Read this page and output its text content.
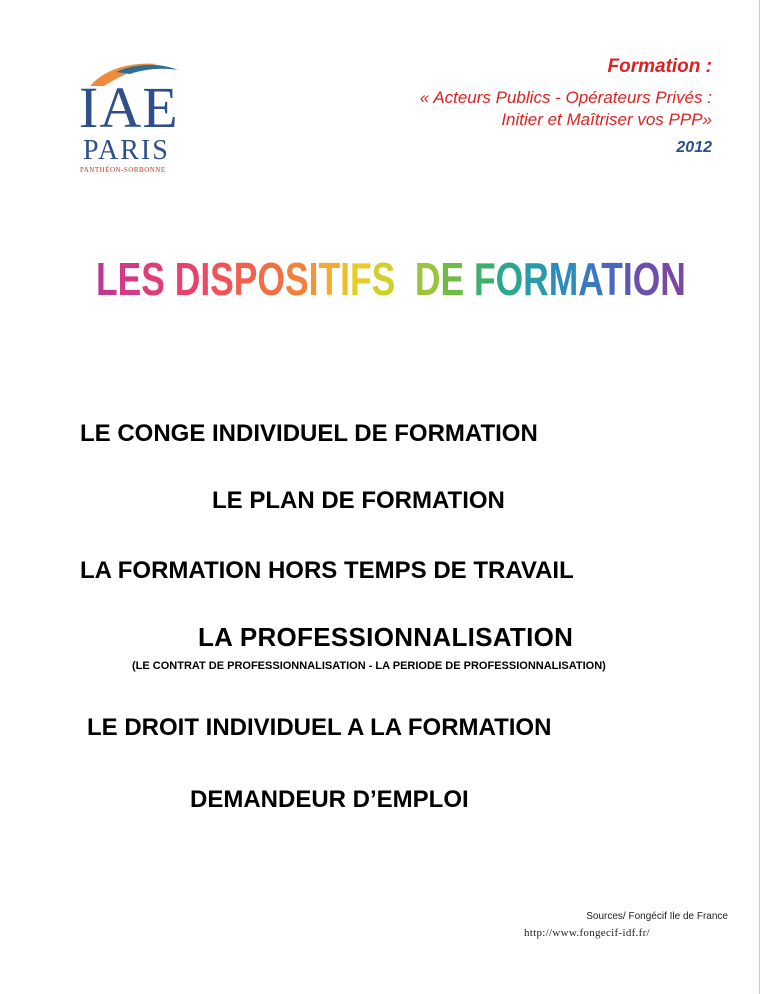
IAE
PARIS
PANTHÉON-SORBONNE
Formation :
« Acteurs Publics - Opérateurs Privés :
Initier et Maîtriser vos PPP»
2012
LES DISPOSITIFS DE FORMATION
LE CONGE INDIVIDUEL DE FORMATION
LE PLAN DE FORMATION
LA FORMATION HORS TEMPS DE TRAVAIL
LA PROFESSIONNALISATION
(LE CONTRAT DE PROFESSIONNALISATION - LA PERIODE DE PROFESSIONNALISATION)
LE DROIT INDIVIDUEL A LA FORMATION
DEMANDEUR D’EMPLOI
Sources/ Fongécif Ile de France
http://www.fongecif-idf.fr/
